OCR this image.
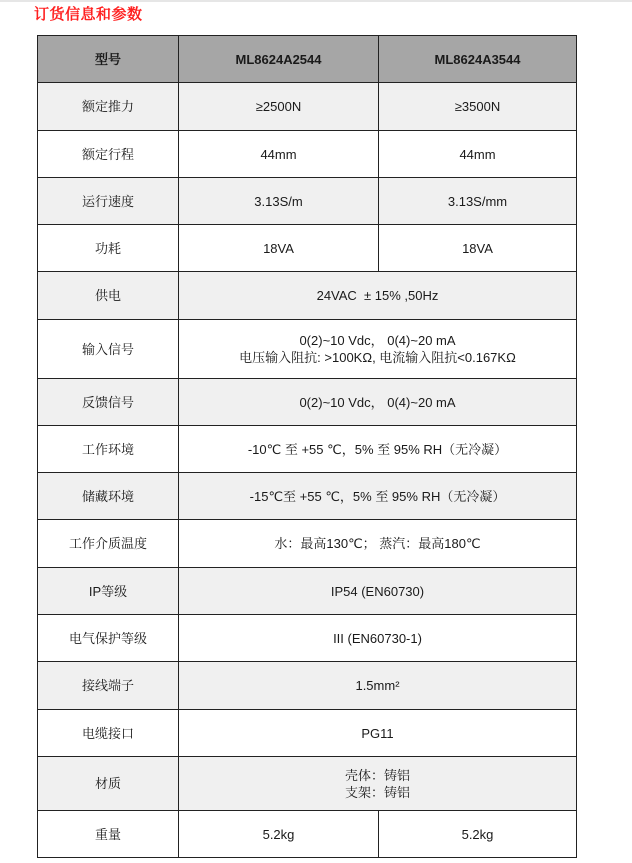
订货信息和参数
型号	ML8624A2544	ML8624A3544
额定推力	≥2500N	≥3500N
额定行程	44mm	44mm
运行速度	3.13S/m	3.13S/mm
功耗	18VA	18VA
供电	24VAC  ± 15% ,50Hz	
输入信号	0(2)~10 Vdc， 0(4)~20 mA
电压输入阻抗: >100KΩ, 电流输入阻抗<0.167KΩ	

反馈信号	0(2)~10 Vdc， 0(4)~20 mA	
工作环境	-10℃ 至 +55 ℃，5% 至 95% RH（无冷凝）	
储藏环境	-15℃至 +55 ℃，5% 至 95% RH（无冷凝）	
工作介质温度	水：最高130℃； 蒸汽：最高180℃	
IP等级	IP54 (EN60730)	
电气保护等级	III (EN60730-1)	
接线端子	1.5mm²	
电缆接口	PG11	
材质	壳体：铸铝
支架：铸铝	

重量	5.2kg	5.2kg
